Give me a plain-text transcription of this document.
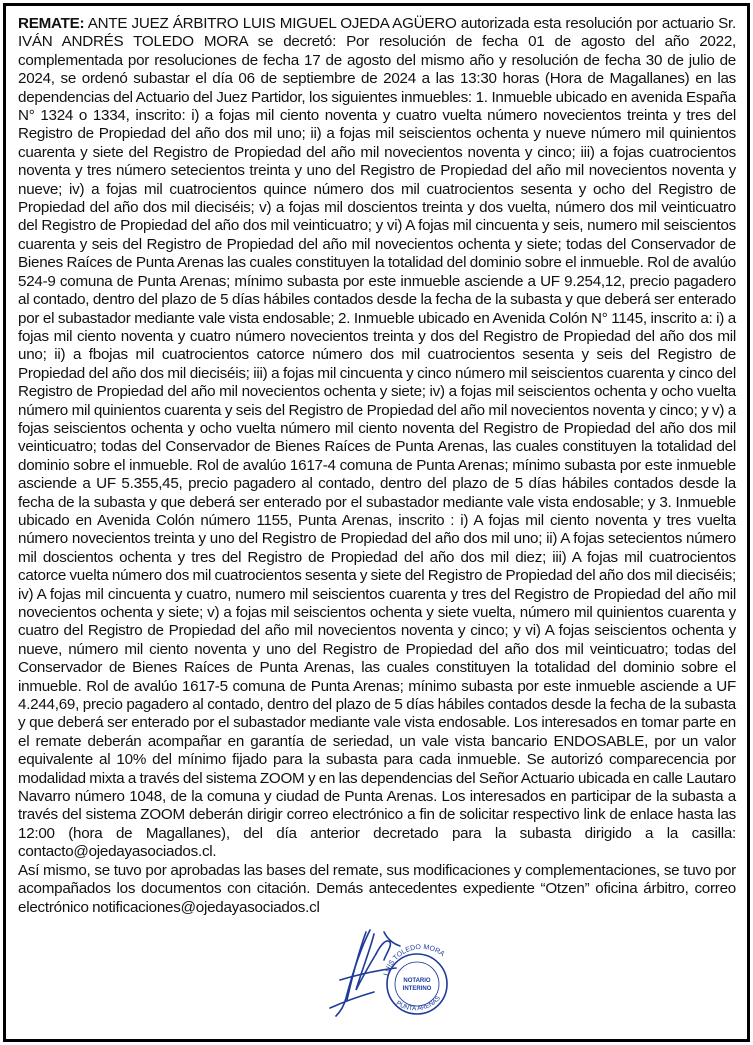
REMATE: ANTE JUEZ ÁRBITRO LUIS MIGUEL OJEDA AGÜERO autorizada esta resolución por actuario Sr. IVÁN ANDRÉS TOLEDO MORA se decretó: Por resolución de fecha 01 de agosto del año 2022, complementada por resoluciones de fecha 17 de agosto del mismo año y resolución de fecha 30 de julio de 2024, se ordenó subastar el día 06 de septiembre de 2024 a las 13:30 horas (Hora de Magallanes) en las dependencias del Actuario del Juez Partidor, los siguientes inmuebles: 1. Inmueble ubicado en avenida España N° 1324 o 1334, inscrito: i) a fojas mil ciento noventa y cuatro vuelta número novecientos treinta y tres del Registro de Propiedad del año dos mil uno; ii) a fojas mil seiscientos ochenta y nueve número mil quinientos cuarenta y siete del Registro de Propiedad del año mil novecientos noventa y cinco; iii) a fojas cuatrocientos noventa y tres número setecientos treinta y uno del Registro de Propiedad del año mil novecientos noventa y nueve; iv) a fojas mil cuatrocientos quince número dos mil cuatrocientos sesenta y ocho del Registro de Propiedad del año dos mil dieciséis; v) a fojas mil doscientos treinta y dos vuelta, número dos mil veinticuatro del Registro de Propiedad del año dos mil veinticuatro; y vi) A fojas mil cincuenta y seis, numero mil seiscientos cuarenta y seis del Registro de Propiedad del año mil novecientos ochenta y siete; todas del Conservador de Bienes Raíces de Punta Arenas las cuales constituyen la totalidad del dominio sobre el inmueble. Rol de avalúo 524-9 comuna de Punta Arenas; mínimo subasta por este inmueble asciende a UF 9.254,12, precio pagadero al contado, dentro del plazo de 5 días hábiles contados desde la fecha de la subasta y que deberá ser enterado por el subastador mediante vale vista endosable; 2. Inmueble ubicado en Avenida Colón N° 1145, inscrito a: i) a fojas mil ciento noventa y cuatro número novecientos treinta y dos del Registro de Propiedad del año dos mil uno; ii) a fbojas mil cuatrocientos catorce número dos mil cuatrocientos sesenta y seis del Registro de Propiedad del año dos mil dieciséis; iii) a fojas mil cincuenta y cinco número mil seiscientos cuarenta y cinco del Registro de Propiedad del año mil novecientos ochenta y siete; iv) a fojas mil seiscientos ochenta y ocho vuelta número mil quinientos cuarenta y seis del Registro de Propiedad del año mil novecientos noventa y cinco; y v) a fojas seiscientos ochenta y ocho vuelta número mil ciento noventa del Registro de Propiedad del año dos mil veinticuatro; todas del Conservador de Bienes Raíces de Punta Arenas, las cuales constituyen la totalidad del dominio sobre el inmueble. Rol de avalúo 1617-4 comuna de Punta Arenas; mínimo subasta por este inmueble asciende a UF 5.355,45, precio pagadero al contado, dentro del plazo de 5 días hábiles contados desde la fecha de la subasta y que deberá ser enterado por el subastador mediante vale vista endosable; y 3. Inmueble ubicado en Avenida Colón número 1155, Punta Arenas, inscrito : i) A fojas mil ciento noventa y tres vuelta número novecientos treinta y uno del Registro de Propiedad del año dos mil uno; ii) A fojas setecientos número mil doscientos ochenta y tres del Registro de Propiedad del año dos mil diez; iii) A fojas mil cuatrocientos catorce vuelta número dos mil cuatrocientos sesenta y siete del Registro de Propiedad del año dos mil dieciséis; iv) A fojas mil cincuenta y cuatro, numero mil seiscientos cuarenta y tres del Registro de Propiedad del año mil novecientos ochenta y siete; v) a fojas mil seiscientos ochenta y siete vuelta, número mil quinientos cuarenta y cuatro del Registro de Propiedad del año mil novecientos noventa y cinco; y vi) A fojas seiscientos ochenta y nueve, número mil ciento noventa y uno del Registro de Propiedad del año dos mil veinticuatro; todas del Conservador de Bienes Raíces de Punta Arenas, las cuales constituyen la totalidad del dominio sobre el inmueble. Rol de avalúo 1617-5 comuna de Punta Arenas; mínimo subasta por este inmueble asciende a UF 4.244,69, precio pagadero al contado, dentro del plazo de 5 días hábiles contados desde la fecha de la subasta y que deberá ser enterado por el subastador mediante vale vista endosable. Los interesados en tomar parte en el remate deberán acompañar en garantía de seriedad, un vale vista bancario ENDOSABLE, por un valor equivalente al 10% del mínimo fijado para la subasta para cada inmueble. Se autorizó comparecencia por modalidad mixta a través del sistema ZOOM y en las dependencias del Señor Actuario ubicada en calle Lautaro Navarro número 1048, de la comuna y ciudad de Punta Arenas. Los interesados en participar de la subasta a través del sistema ZOOM deberán dirigir correo electrónico a fin de solicitar respectivo link de enlace hasta las 12:00 (hora de Magallanes), del día anterior decretado para la subasta dirigido a la casilla: contacto@ojedayasociados.cl.

Así mismo, se tuvo por aprobadas las bases del remate, sus modificaciones y complementaciones, se tuvo por acompañados los documentos con citación. Demás antecedentes expediente “Otzen” oficina árbitro, correo electrónico notificaciones@ojedayasociados.cl

LUIS TOLEDO MORA
NOTARIO
INTERINO
PUNTA ARENAS
